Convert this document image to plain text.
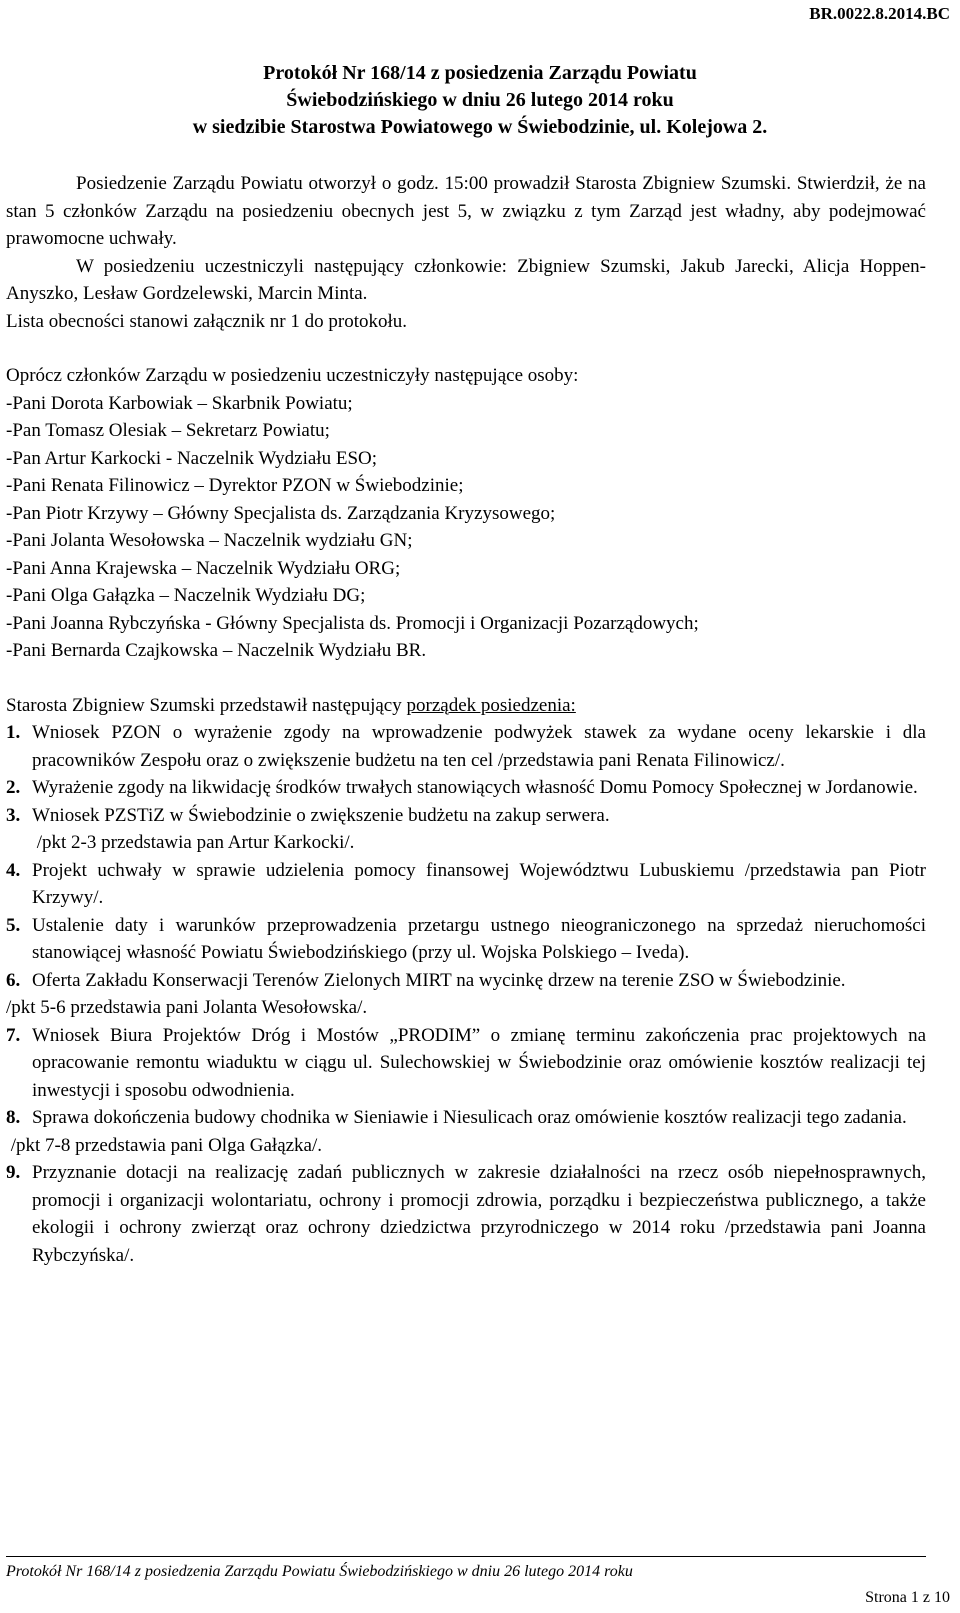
BR.0022.8.2014.BC
Protokół Nr 168/14 z posiedzenia Zarządu Powiatu
Świebodzińskiego w dniu 26 lutego 2014 roku
w siedzibie Starostwa Powiatowego w Świebodzinie, ul. Kolejowa 2.

Posiedzenie Zarządu Powiatu otworzył o godz. 15:00 prowadził Starosta Zbigniew Szumski. Stwierdził, że na stan 5 członków Zarządu na posiedzeniu obecnych jest 5, w związku z tym Zarząd jest władny, aby podejmować prawomocne uchwały.

W posiedzeniu uczestniczyli następujący członkowie: Zbigniew Szumski, Jakub Jarecki, Alicja Hoppen-Anyszko, Lesław Gordzelewski, Marcin Minta.

Lista obecności stanowi załącznik nr 1 do protokołu.

Oprócz członków Zarządu w posiedzeniu uczestniczyły następujące osoby:

-Pani Dorota Karbowiak – Skarbnik Powiatu;
-Pan Tomasz Olesiak – Sekretarz Powiatu;
-Pan Artur Karkocki - Naczelnik Wydziału ESO;
-Pani Renata Filinowicz – Dyrektor PZON w Świebodzinie;
-Pan Piotr Krzywy – Główny Specjalista ds. Zarządzania Kryzysowego;
-Pani Jolanta Wesołowska – Naczelnik wydziału GN;
-Pani Anna Krajewska – Naczelnik Wydziału ORG;
-Pani Olga Gałązka – Naczelnik Wydziału DG;
-Pani Joanna Rybczyńska - Główny Specjalista ds. Promocji i Organizacji Pozarządowych;
-Pani Bernarda Czajkowska – Naczelnik Wydziału BR.

Starosta Zbigniew Szumski przedstawił następujący porządek posiedzenia:

1. Wniosek PZON o wyrażenie zgody na wprowadzenie podwyżek stawek za wydane oceny lekarskie i dla pracowników Zespołu oraz o zwiększenie budżetu na ten cel /przedstawia pani Renata Filinowicz/.
2. Wyrażenie zgody na likwidację środków trwałych stanowiących własność Domu Pomocy Społecznej w Jordanowie.
3. Wniosek PZSTiZ w Świebodzinie o zwiększenie budżetu na zakup serwera.
/pkt 2-3 przedstawia pan Artur Karkocki/.
4. Projekt uchwały w sprawie udzielenia pomocy finansowej Województwu Lubuskiemu /przedstawia pan Piotr Krzywy/.
5. Ustalenie daty i warunków przeprowadzenia przetargu ustnego nieograniczonego na sprzedaż nieruchomości stanowiącej własność Powiatu Świebodzińskiego (przy ul. Wojska Polskiego – Iveda).
6. Oferta Zakładu Konserwacji Terenów Zielonych MIRT na wycinkę drzew na terenie ZSO w Świebodzinie.
/pkt 5-6 przedstawia pani Jolanta Wesołowska/.
7. Wniosek Biura Projektów Dróg i Mostów „PRODIM” o zmianę terminu zakończenia prac projektowych na opracowanie remontu wiaduktu w ciągu ul. Sulechowskiej w Świebodzinie oraz omówienie kosztów realizacji tej inwestycji i sposobu odwodnienia.
8. Sprawa dokończenia budowy chodnika w Sieniawie i Niesulicach oraz omówienie kosztów realizacji tego zadania.
/pkt 7-8 przedstawia pani Olga Gałązka/.
9. Przyznanie dotacji na realizację zadań publicznych w zakresie działalności na rzecz osób niepełnosprawnych, promocji i organizacji wolontariatu, ochrony i promocji zdrowia, porządku i bezpieczeństwa publicznego, a także ekologii i ochrony zwierząt oraz ochrony dziedzictwa przyrodniczego w 2014 roku /przedstawia pani Joanna Rybczyńska/.
Protokół Nr 168/14 z posiedzenia Zarządu Powiatu Świebodzińskiego w dniu 26 lutego 2014 roku
Strona 1 z 10
